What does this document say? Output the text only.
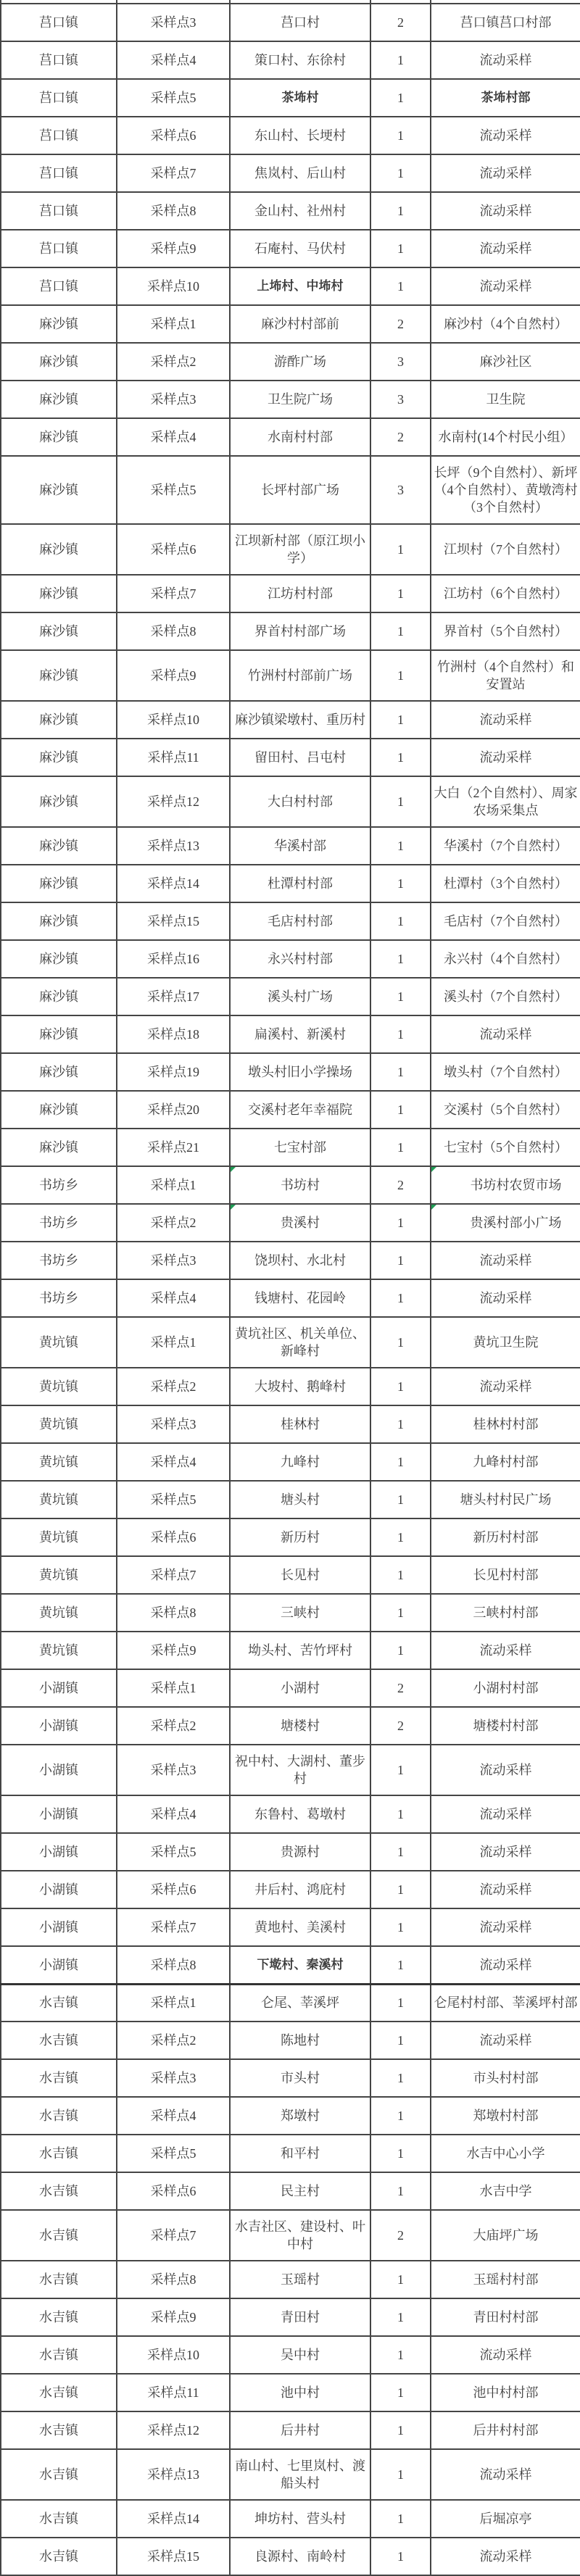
莒口镇	采样点3	莒口村	2	莒口镇莒口村部
莒口镇	采样点4	策口村、东徐村	1	流动采样
莒口镇	采样点5	茶㘵村	1	茶㘵村部
莒口镇	采样点6	东山村、长埂村	1	流动采样
莒口镇	采样点7	焦岚村、后山村	1	流动采样
莒口镇	采样点8	金山村、社州村	1	流动采样
莒口镇	采样点9	石庵村、马伏村	1	流动采样
莒口镇	采样点10	上㘵村、中㘵村	1	流动采样
麻沙镇	采样点1	麻沙村村部前	2	麻沙村（4个自然村）
麻沙镇	采样点2	游酢广场	3	麻沙社区
麻沙镇	采样点3	卫生院广场	3	卫生院
麻沙镇	采样点4	水南村村部	2	水南村(14个村民小组）
麻沙镇	采样点5	长坪村部广场	3	长坪（9个自然村）、新坪（4个自然村）、黄墩湾村（3个自然村）
麻沙镇	采样点6	江坝新村部（原江坝小学）	1	江坝村（7个自然村）
麻沙镇	采样点7	江坊村村部	1	江坊村（6个自然村）
麻沙镇	采样点8	界首村村部广场	1	界首村（5个自然村）
麻沙镇	采样点9	竹洲村村部前广场	1	竹洲村（4个自然村）和安置站
麻沙镇	采样点10	麻沙镇梁墩村、重历村	1	流动采样
麻沙镇	采样点11	留田村、吕屯村	1	流动采样
麻沙镇	采样点12	大白村村部	1	大白（2个自然村）、周家农场采集点
麻沙镇	采样点13	华溪村部	1	华溪村（7个自然村）
麻沙镇	采样点14	杜潭村村部	1	杜潭村（3个自然村）
麻沙镇	采样点15	毛店村村部	1	毛店村（7个自然村）
麻沙镇	采样点16	永兴村村部	1	永兴村（4个自然村）
麻沙镇	采样点17	溪头村广场	1	溪头村（7个自然村）
麻沙镇	采样点18	扁溪村、新溪村	1	流动采样
麻沙镇	采样点19	墩头村旧小学操场	1	墩头村（7个自然村）
麻沙镇	采样点20	交溪村老年幸福院	1	交溪村（5个自然村）
麻沙镇	采样点21	七宝村部	1	七宝村（5个自然村）
书坊乡	采样点1	书坊村	2	书坊村农贸市场
书坊乡	采样点2	贵溪村	1	贵溪村部小广场
书坊乡	采样点3	饶坝村、水北村	1	流动采样
书坊乡	采样点4	钱塘村、花园岭	1	流动采样
黄坑镇	采样点1	黄坑社区、机关单位、新峰村	1	黄坑卫生院
黄坑镇	采样点2	大坡村、鹅峰村	1	流动采样
黄坑镇	采样点3	桂林村	1	桂林村村部
黄坑镇	采样点4	九峰村	1	九峰村村部
黄坑镇	采样点5	塘头村	1	塘头村村民广场
黄坑镇	采样点6	新历村	1	新历村村部
黄坑镇	采样点7	长见村	1	长见村村部
黄坑镇	采样点8	三峡村	1	三峡村村部
黄坑镇	采样点9	坳头村、苦竹坪村	1	流动采样
小湖镇	采样点1	小湖村	2	小湖村村部
小湖镇	采样点2	塘楼村	2	塘楼村村部
小湖镇	采样点3	祝中村、大湖村、董步村	1	流动采样
小湖镇	采样点4	东鲁村、葛墩村	1	流动采样
小湖镇	采样点5	贵源村	1	流动采样
小湖镇	采样点6	井后村、鸿庇村	1	流动采样
小湖镇	采样点7	黄地村、美溪村	1	流动采样
小湖镇	采样点8	下墘村、秦溪村	1	流动采样
水吉镇	采样点1	仑尾、莘溪坪	1	仑尾村村部、莘溪坪村部
水吉镇	采样点2	陈地村	1	流动采样
水吉镇	采样点3	市头村	1	市头村村部
水吉镇	采样点4	郑墩村	1	郑墩村村部
水吉镇	采样点5	和平村	1	水吉中心小学
水吉镇	采样点6	民主村	1	水吉中学
水吉镇	采样点7	水吉社区、建设村、叶中村	2	大庙坪广场
水吉镇	采样点8	玉瑶村	1	玉瑶村村部
水吉镇	采样点9	青田村	1	青田村村部
水吉镇	采样点10	吴中村	1	流动采样
水吉镇	采样点11	池中村	1	池中村村部
水吉镇	采样点12	后井村	1	后井村村部
水吉镇	采样点13	南山村、七里岚村、渡船头村	1	流动采样
水吉镇	采样点14	坤坊村、营头村	1	后堀凉亭
水吉镇	采样点15	良源村、南岭村	1	流动采样
